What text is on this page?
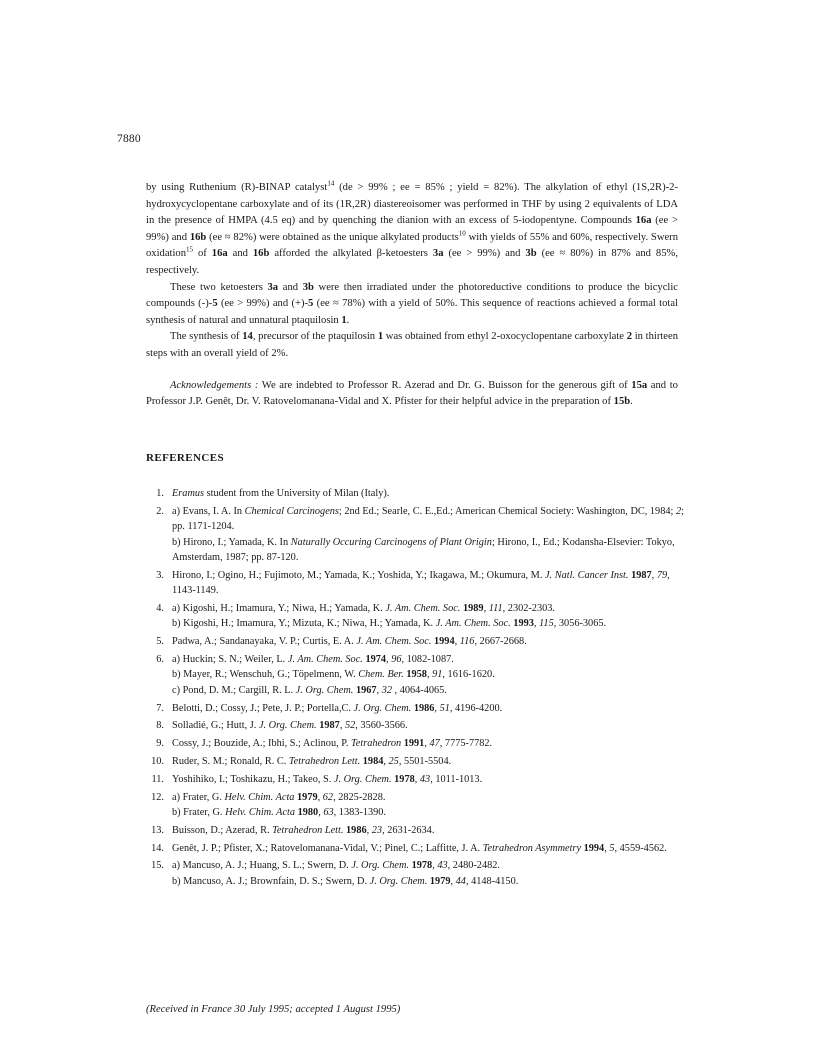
7880

by using Ruthenium (R)-BINAP catalyst$^{14}$ (de > 99% ; ee = 85% ; yield = 82%). The alkylation of ethyl (1S,2R)-2-hydroxycyclopentane carboxylate and of its (1R,2R) diastereoisomer was performed in THF by using 2 equivalents of LDA in the presence of HMPA (4.5 eq) and by quenching the dianion with an excess of 5-iodopentyne. Compounds 16a (ee > 99%) and 16b (ee ≈ 82%) were obtained as the unique alkylated products$^{10}$ with yields of 55% and 60%, respectively. Swern oxidation$^{15}$ of 16a and 16b afforded the alkylated β-ketoesters 3a (ee > 99%) and 3b (ee ≈ 80%) in 87% and 85%, respectively.

These two ketoesters 3a and 3b were then irradiated under the photoreductive conditions to produce the bicyclic compounds (-)-5 (ee > 99%) and (+)-5 (ee ≈ 78%) with a yield of 50%. This sequence of reactions achieved a formal total synthesis of natural and unnatural ptaquilosin 1.

The synthesis of 14, precursor of the ptaquilosin 1 was obtained from ethyl 2-oxocyclopentane carboxylate 2 in thirteen steps with an overall yield of 2%.

Acknowledgements : We are indebted to Professor R. Azerad and Dr. G. Buisson for the generous gift of 15a and to Professor J.P. Genêt, Dr. V. Ratovelomanana-Vidal and X. Pfister for their helpful advice in the preparation of 15b.

REFERENCES
1. Eramus student from the University of Milan (Italy).
2. a) Evans, I. A. In Chemical Carcinogens; 2nd Ed.; Searle, C. E.,Ed.; American Chemical Society: Washington, DC, 1984; 2; pp. 1171-1204.
b) Hirono, I.; Yamada, K. In Naturally Occuring Carcinogens of Plant Origin; Hirono, I., Ed.; Kodansha-Elsevier: Tokyo, Amsterdam, 1987; pp. 87-120.
3. Hirono, I.; Ogino, H.; Fujimoto, M.; Yamada, K.; Yoshida, Y.; Ikagawa, M.; Okumura, M. J. Natl. Cancer Inst. 1987, 79, 1143-1149.
4. a) Kigoshi, H.; Imamura, Y.; Niwa, H.; Yamada, K. J. Am. Chem. Soc. 1989, 111, 2302-2303.
b) Kigoshi, H.; Imamura, Y.; Mizuta, K.; Niwa, H.; Yamada, K. J. Am. Chem. Soc. 1993, 115, 3056-3065.
5. Padwa, A.; Sandanayaka, V. P.; Curtis, E. A. J. Am. Chem. Soc. 1994, 116, 2667-2668.
6. a) Huckin; S. N.; Weiler, L. J. Am. Chem. Soc. 1974, 96, 1082-1087.
b) Mayer, R.; Wenschuh, G.; Töpelmenn, W. Chem. Ber. 1958, 91, 1616-1620.
c) Pond, D. M.; Cargill, R. L. J. Org. Chem. 1967, 32 , 4064-4065.
7. Belotti, D.; Cossy, J.; Pete, J. P.; Portella,C. J. Org. Chem. 1986, 51, 4196-4200.
8. Solladié, G.; Hutt, J. J. Org. Chem. 1987, 52, 3560-3566.
9. Cossy, J.; Bouzide, A.; Ibhi, S.; Aclinou, P. Tetrahedron 1991, 47, 7775-7782.
10. Ruder, S. M.; Ronald, R. C. Tetrahedron Lett. 1984, 25, 5501-5504.
11. Yoshihiko, I.; Toshikazu, H.; Takeo, S. J. Org. Chem. 1978, 43, 1011-1013.
12. a) Frater, G. Helv. Chim. Acta 1979, 62, 2825-2828.
b) Frater, G. Helv. Chim. Acta 1980, 63, 1383-1390.
13. Buisson, D.; Azerad, R. Tetrahedron Lett. 1986, 23, 2631-2634.
14. Genêt, J. P.; Pfister, X.; Ratovelomanana-Vidal, V.; Pinel, C.; Laffitte, J. A. Tetrahedron Asymmetry 1994, 5, 4559-4562.
15. a) Mancuso, A. J.; Huang, S. L.; Swern, D. J. Org. Chem. 1978, 43, 2480-2482.
b) Mancuso, A. J.; Brownfain, D. S.; Swern, D. J. Org. Chem. 1979, 44, 4148-4150.
(Received in France 30 July 1995; accepted 1 August 1995)
